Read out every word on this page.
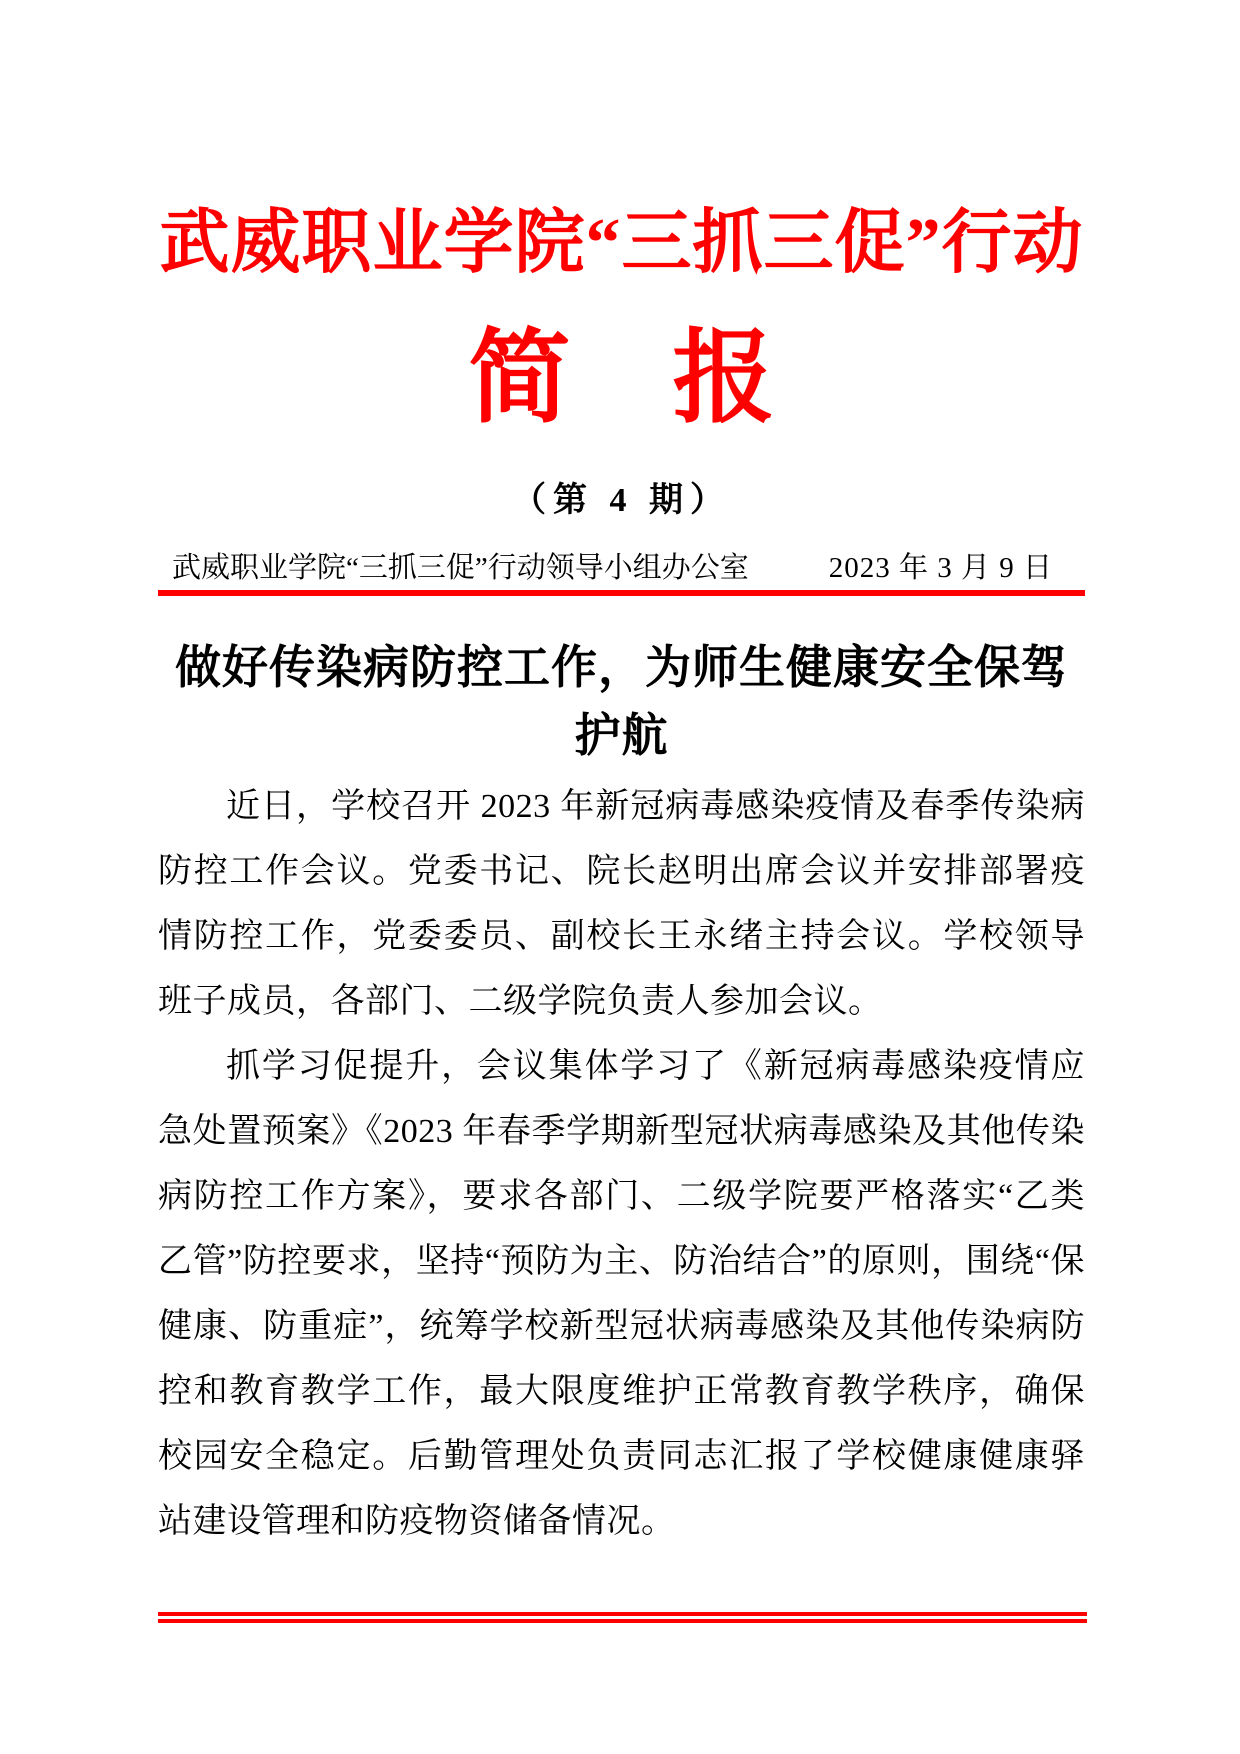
武威职业学院“三抓三促”行动
简　报
（第 4 期）
武威职业学院“三抓三促”行动领导小组办公室	2023 年 3 月 9 日
做好传染病防控工作，为师生健康安全保驾护航

近日，学校召开 2023 年新冠病毒感染疫情及春季传染病防控工作会议。党委书记、院长赵明出席会议并安排部署疫情防控工作，党委委员、副校长王永绪主持会议。学校领导班子成员，各部门、二级学院负责人参加会议。

抓学习促提升，会议集体学习了《新冠病毒感染疫情应急处置预案》《2023 年春季学期新型冠状病毒感染及其他传染病防控工作方案》，要求各部门、二级学院要严格落实“乙类乙管”防控要求，坚持“预防为主、防治结合”的原则，围绕“保健康、防重症”，统筹学校新型冠状病毒感染及其他传染病防控和教育教学工作，最大限度维护正常教育教学秩序，确保校园安全稳定。后勤管理处负责同志汇报了学校健康健康驿站建设管理和防疫物资储备情况。
